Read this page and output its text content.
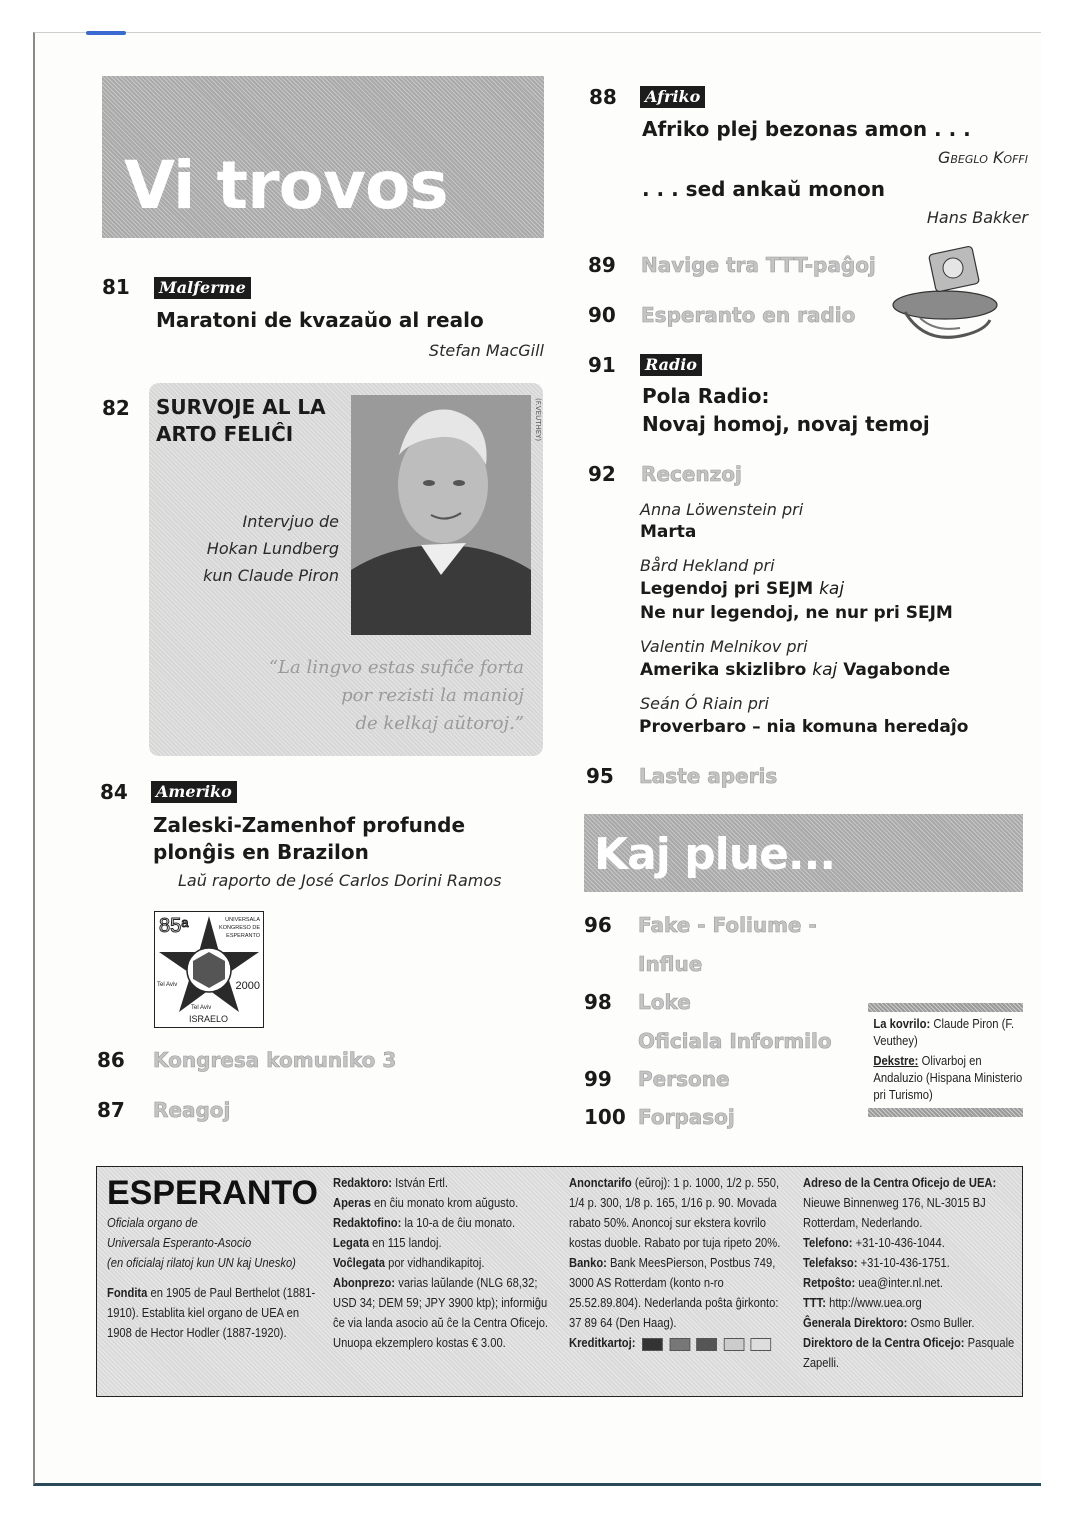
Vi trovos
81	Malferme
Maratoni de kvazaŭo al realo
Stefan MacGill
82 SURVOJE AL LA
ARTO FELIĈI	(F.VEUTHEY)
Intervjuo de
Hokan Lundberg
kun Claude Piron
“La lingvo estas sufiĉe forta
por rezisti la manioj
de kelkaj aŭtoroj.”
84	Ameriko
Zaleski-Zamenhof profunde
plonĝis en Brazilon
Laŭ raporto de José Carlos Dorini Ramos
85$^a$	UNIVERSALA
KONGRESO DE
ESPERANTO
Tel Aviv	2000
Tel Aviv
ISRAELO
86 Kongresa komuniko 3
87 Reagoj
88	Afriko
Afriko plej bezonas amon . . .
Gbeglo Koffi
. . . sed ankaŭ monon
Hans Bakker
89 Navige tra TTT-paĝoj
90 Esperanto en radio
91	Radio
Pola Radio:
Novaj homoj, novaj temoj
92 Recenzoj
Anna Löwenstein pri
Marta
Bård Hekland pri
Legendoj pri SEJM kaj
Ne nur legendoj, ne nur pri SEJM
Valentin Melnikov pri
Amerika skizlibro kaj Vagabonde
Seán Ó Riain pri
Proverbaro – nia komuna heredaĵo
95 Laste aperis
Kaj plue...
96 Fake - Foliume -
Influe
98 Loke
Oficiala Informilo
99 Persone
100 Forpasoj
La kovrilo: Claude Piron (F. Veuthey)
Dekstre: Olivarboj en Andaluzio (Hispana Ministerio pri Turismo)
ESPERANTO
Oficiala organo de
Universala Esperanto-Asocio
(en oficialaj rilatoj kun UN kaj Unesko)
Fondita en 1905 de Paul Berthelot (1881-1910). Establita kiel organo de UEA en 1908 de Hector Hodler (1887-1920).
Redaktoro: István Ertl.
Aperas en ĉiu monato krom aŭgusto.
Redaktofino: la 10-a de ĉiu monato.
Legata en 115 landoj.
Voĉlegata por vidhandikapitoj.
Abonprezo: varias laŭlande (NLG 68,32; USD 34; DEM 59; JPY 3900 ktp); informiĝu ĉe via landa asocio aŭ ĉe la Centra Oficejo. Unuopa ekzemplero kostas € 3.00.
Anonctarifo (eŭroj): 1 p. 1000, 1/2 p. 550, 1/4 p. 300, 1/8 p. 165, 1/16 p. 90. Movada rabato 50%. Anoncoj sur ekstera kovrilo kostas duoble. Rabato por tuja ripeto 20%.
Banko: Bank MeesPierson, Postbus 749, 3000 AS Rotterdam (konto n-ro 25.52.89.804). Nederlanda poŝta ĝirkonto: 37 89 64 (Den Haag).
Kreditkartoj:
Adreso de la Centra Oficejo de UEA: Nieuwe Binnenweg 176, NL-3015 BJ Rotterdam, Nederlando.
Telefono: +31-10-436-1044.
Telefakso: +31-10-436-1751.
Retpoŝto: uea@inter.nl.net.
TTT: http://www.uea.org
Ĝenerala Direktoro: Osmo Buller.
Direktoro de la Centra Oficejo: Pasquale Zapelli.
